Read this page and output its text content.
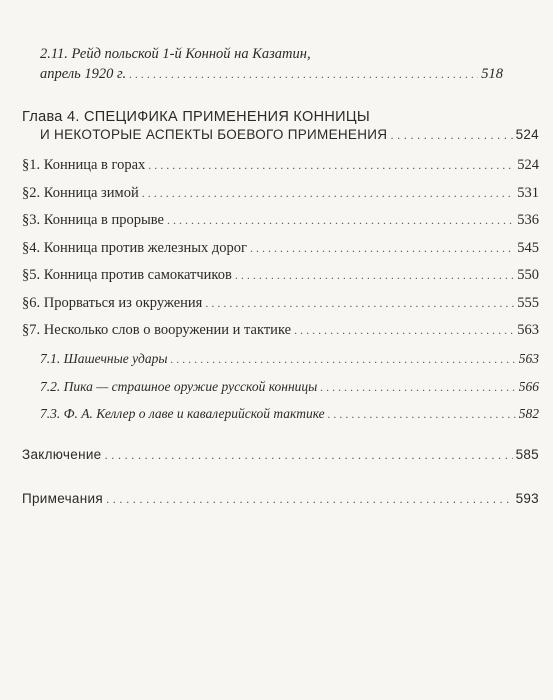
2.11. Рейд польской 1-й Конной на Казатин,
апрель 1920 г. . . .	518
Глава 4. СПЕЦИФИКА ПРИМЕНЕНИЯ КОННИЦЫ
И НЕКОТОРЫЕ АСПЕКТЫ БОЕВОГО ПРИМЕНЕНИЯ . . .	524
§1. Конница в горах . . .	524
§2. Конница зимой . . .	531
§3. Конница в прорыве . . .	536
§4. Конница против железных дорог . . .	545
§5. Конница против самокатчиков . . .	550
§6. Прорваться из окружения . . .	555
§7. Несколько слов о вооружении и тактике . . .	563
7.1. Шашечные удары . . .	563
7.2. Пика — страшное оружие русской конницы . . .	566
7.3. Ф. А. Келлер о лаве и кавалерийской тактике . . .	582
Заключение . . .	585
Примечания . . .	593
